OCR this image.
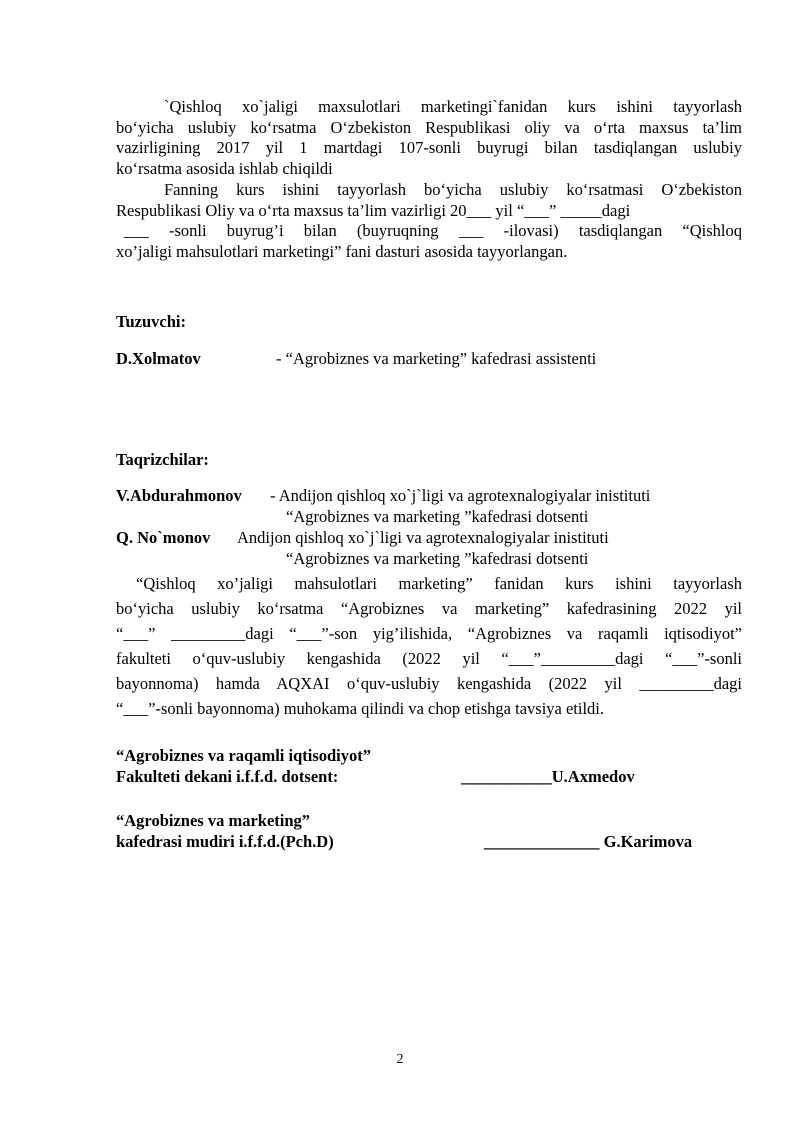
`Qishloq xo`jaligi maxsulotlari marketingi`fanidan kurs ishini tayyorlash
bo‘yicha uslubiy ko‘rsatma O‘zbekiston Respublikasi oliy va o‘rta maxsus ta’lim
vazirligining 2017 yil 1 martdagi 107-sonli buyrugi bilan tasdiqlangan uslubiy
ko‘rsatma asosida ishlab chiqildi
Fanning kurs ishini tayyorlash bo‘yicha uslubiy ko‘rsatmasi O‘zbekiston
Respublikasi Oliy va o‘rta maxsus ta’lim vazirligi 20___ yil “___” _____dagi
___ -sonli buyrug’i bilan (buyruqning ___ -ilovasi) tasdiqlangan “Qishloq
xo’jaligi mahsulotlari marketingi” fani dasturi asosida tayyorlangan.
Tuzuvchi:
D.Xolmatov	- “Agrobiznes va marketing” kafedrasi assistenti
Taqrizchilar:
V.Abdurahmonov - Andijon qishloq xo`j`ligi va agrotexnalogiyalar inistituti
“Agrobiznes va marketing ”kafedrasi dotsenti
Q. No`monov Andijon qishloq xo`j`ligi va agrotexnalogiyalar inistituti
“Agrobiznes va marketing ”kafedrasi dotsenti
“Qishloq xo’jaligi mahsulotlari marketing” fanidan kurs ishini tayyorlash
bo‘yicha uslubiy ko‘rsatma “Agrobiznes va marketing” kafedrasining 2022 yil
“___” _________dagi “___”-son yig’ilishida, “Agrobiznes va raqamli iqtisodiyot”
fakulteti o‘quv-uslubiy kengashida (2022 yil “___”_________dagi “___”-sonli
bayonnoma) hamda AQXAI o‘quv-uslubiy kengashida (2022 yil _________dagi
“___”-sonli bayonnoma) muhokama qilindi va chop etishga tavsiya etildi.
“Agrobiznes va raqamli iqtisodiyot”
Fakulteti dekani i.f.f.d. dotsent:	___________U.Axmedov
“Agrobiznes va marketing”
kafedrasi mudiri i.f.f.d.(Pch.D)	______________ G.Karimova
2
